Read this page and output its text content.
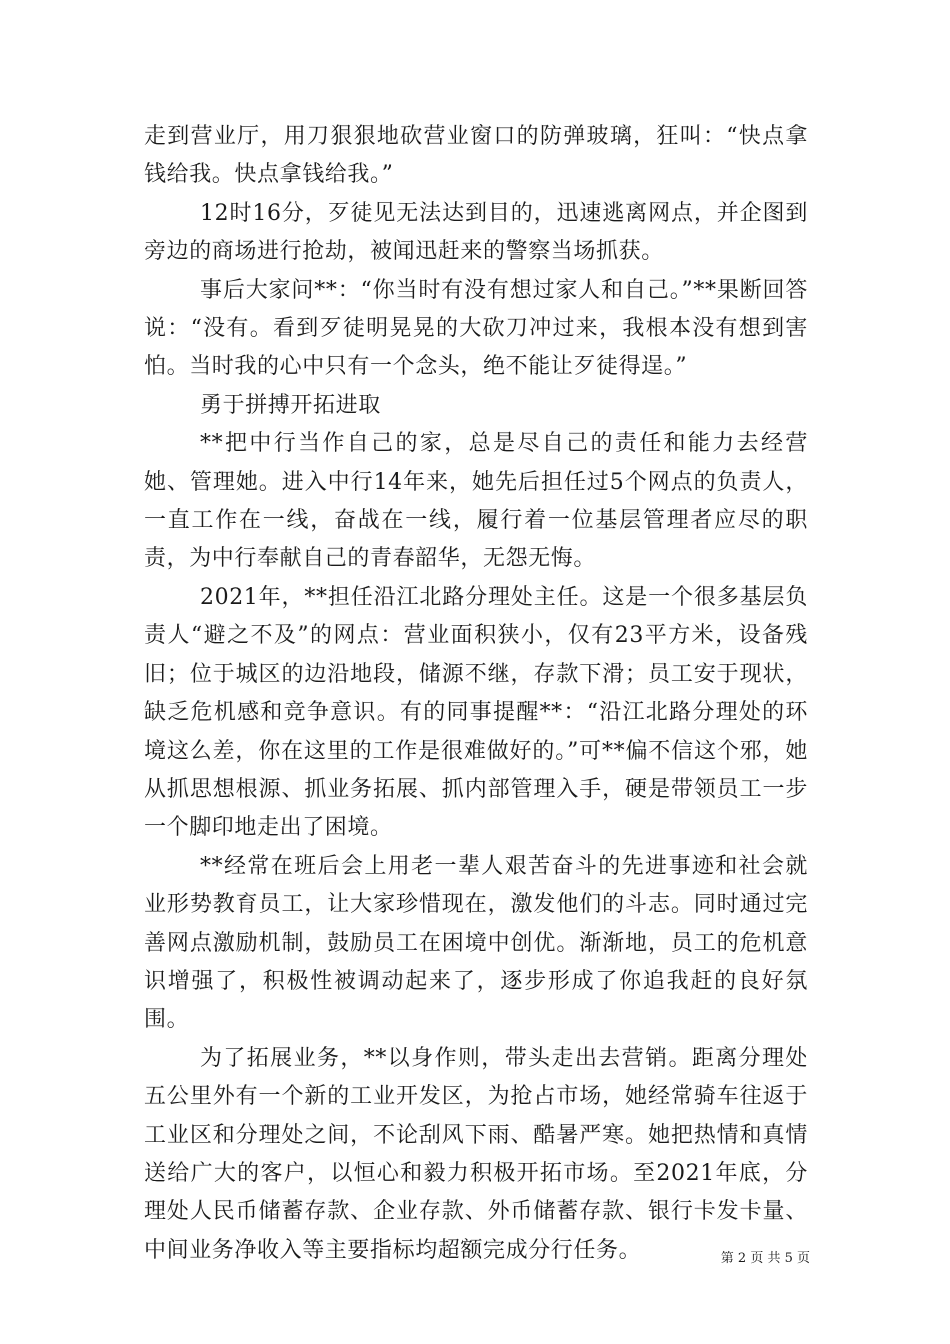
走到营业厅，用刀狠狠地砍营业窗口的防弹玻璃，狂叫：“快点拿钱给我。快点拿钱给我。”

12时16分，歹徒见无法达到目的，迅速逃离网点，并企图到旁边的商场进行抢劫，被闻迅赶来的警察当场抓获。

事后大家问**：“你当时有没有想过家人和自己。”**果断回答说：“没有。看到歹徒明晃晃的大砍刀冲过来，我根本没有想到害怕。当时我的心中只有一个念头，绝不能让歹徒得逞。”

勇于拼搏开拓进取

**把中行当作自己的家，总是尽自己的责任和能力去经营她、管理她。进入中行14年来，她先后担任过5个网点的负责人，一直工作在一线，奋战在一线，履行着一位基层管理者应尽的职责，为中行奉献自己的青春韶华，无怨无悔。

2021年，**担任沿江北路分理处主任。这是一个很多基层负责人“避之不及”的网点：营业面积狭小，仅有23平方米，设备残旧；位于城区的边沿地段，储源不继，存款下滑；员工安于现状，缺乏危机感和竞争意识。有的同事提醒**：“沿江北路分理处的环境这么差，你在这里的工作是很难做好的。”可**偏不信这个邪，她从抓思想根源、抓业务拓展、抓内部管理入手，硬是带领员工一步一个脚印地走出了困境。

**经常在班后会上用老一辈人艰苦奋斗的先进事迹和社会就业形势教育员工，让大家珍惜现在，激发他们的斗志。同时通过完善网点激励机制，鼓励员工在困境中创优。渐渐地，员工的危机意识增强了，积极性被调动起来了，逐步形成了你追我赶的良好氛围。

为了拓展业务，**以身作则，带头走出去营销。距离分理处五公里外有一个新的工业开发区，为抢占市场，她经常骑车往返于工业区和分理处之间，不论刮风下雨、酷暑严寒。她把热情和真情送给广大的客户，以恒心和毅力积极开拓市场。至2021年底，分理处人民币储蓄存款、企业存款、外币储蓄存款、银行卡发卡量、中间业务净收入等主要指标均超额完成分行任务。	第 2 页 共 5 页
